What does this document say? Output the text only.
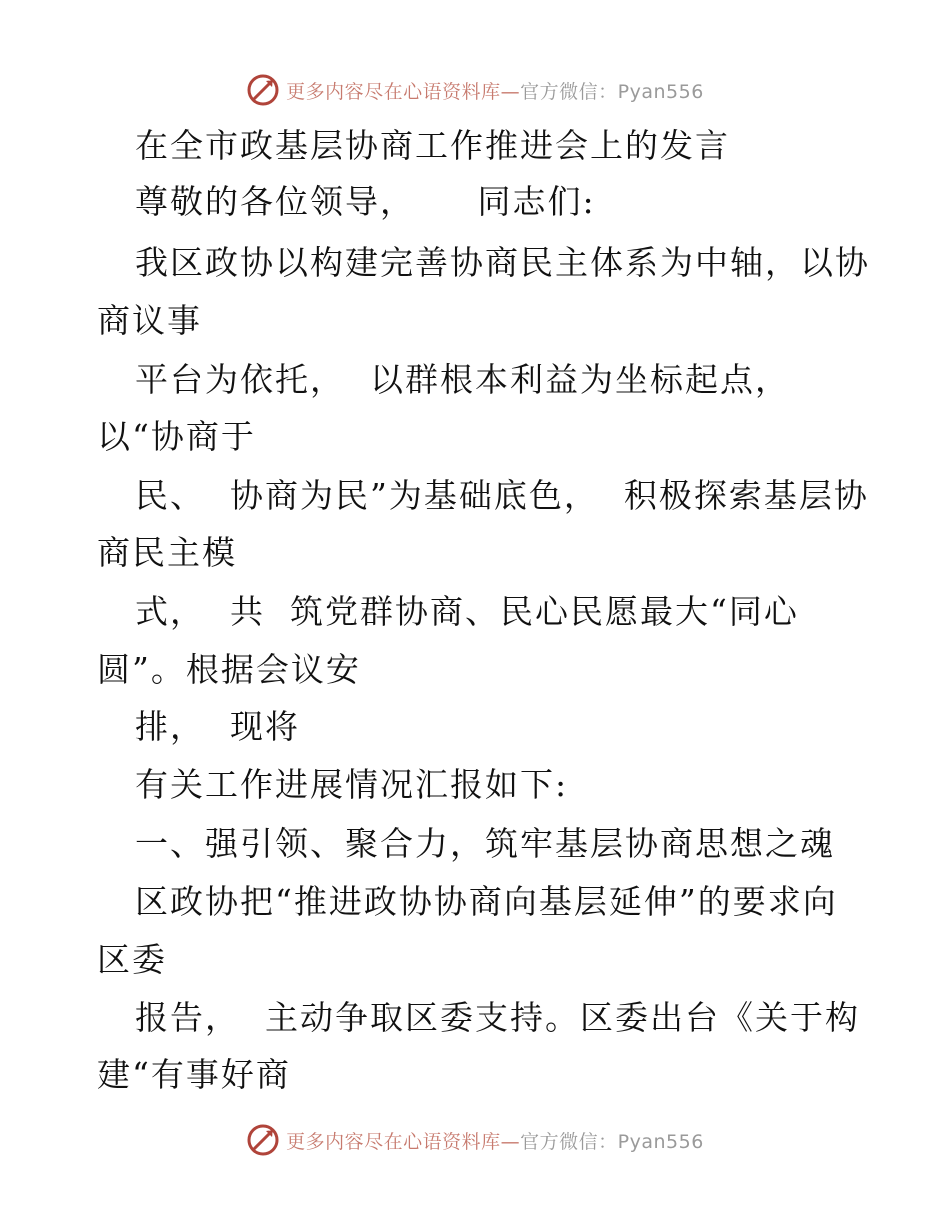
更多内容尽在心语资料库— 官方微信：Pyan556
在全市政基层协商工作推进会上的发言
尊敬的各位领导，     同志们:
我区政协以构建完善协商民主体系为中轴，以协
商议事
平台为依托，  以群根本利益为坐标起点，
以“协商于
民、  协商为民”为基础底色，  积极探索基层协
商民主模
式，  共  筑党群协商、民心民愿最大“同心
圆”。根据会议安
排，  现将
有关工作进展情况汇报如下:
一、强引领、聚合力，筑牢基层协商思想之魂
区政协把“推进政协协商向基层延伸”的要求向
区委
报告，  主动争取区委支持。区委出台《关于构
建“有事好商
更多内容尽在心语资料库— 官方微信：Pyan556
